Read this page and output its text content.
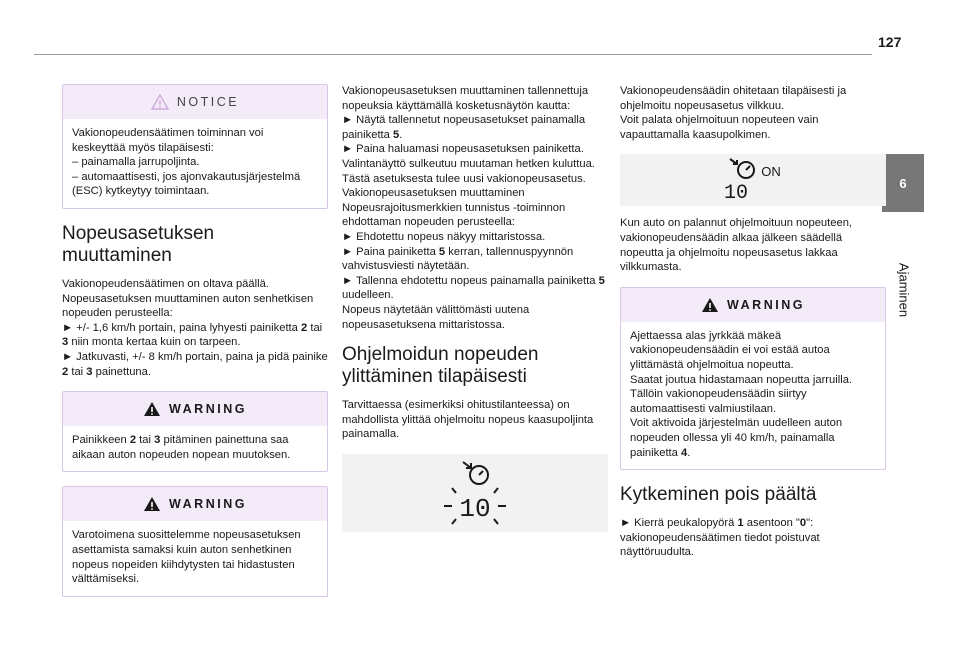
127
6
Ajaminen
NOTICE
Vakionopeudensäätimen toiminnan voi keskeyttää myös tilapäisesti:
– painamalla jarrupoljinta.
– automaattisesti, jos ajonvakautusjärjestelmä (ESC) kytkeytyy toimintaan.
Nopeusasetuksen muuttaminen

Vakionopeudensäätimen on oltava päällä.

Nopeusasetuksen muuttaminen auton senhetkisen nopeuden perusteella:

► +/- 1,6 km/h portain, paina lyhyesti painiketta 2 tai 3 niin monta kertaa kuin on tarpeen.

► Jatkuvasti, +/- 8 km/h portain, paina ja pidä painike 2 tai 3 painettuna.

WARNING
Painikkeen 2 tai 3 pitäminen painettuna saa aikaan auton nopeuden nopean muutoksen.
WARNING
Varotoimena suosittelemme nopeusasetuksen asettamista samaksi kuin auton senhetkinen nopeus nopeiden kiihdytysten tai hidastusten välttämiseksi.

Vakionopeusasetuksen muuttaminen tallennettuja nopeuksia käyttämällä kosketusnäytön kautta:

► Näytä tallennetut nopeusasetukset painamalla painiketta 5.

► Paina haluamasi nopeusasetuksen painiketta.

Valintanäyttö sulkeutuu muutaman hetken kuluttua.

Tästä asetuksesta tulee uusi vakionopeusasetus.

Vakionopeusasetuksen muuttaminen Nopeusrajoitusmerkkien tunnistus -toiminnon ehdottaman nopeuden perusteella:

► Ehdotettu nopeus näkyy mittaristossa.

► Paina painiketta 5 kerran, tallennuspyynnön vahvistusviesti näytetään.

► Tallenna ehdotettu nopeus painamalla painiketta 5 uudelleen.

Nopeus näytetään välittömästi uutena nopeusasetuksena mittaristossa.

Ohjelmoidun nopeuden ylittäminen tilapäisesti

Tarvittaessa (esimerkiksi ohitustilanteessa) on mahdollista ylittää ohjelmoitu nopeus kaasupoljinta painamalla.

10

Vakionopeudensäädin ohitetaan tilapäisesti ja ohjelmoitu nopeusasetus vilkkuu.
Voit palata ohjelmoituun nopeuteen vain vapauttamalla kaasupolkimen.

10
ON

Kun auto on palannut ohjelmoituun nopeuteen, vakionopeudensäädin alkaa jälkeen säädellä nopeutta ja ohjelmoitu nopeusasetus lakkaa vilkkumasta.

WARNING
Ajettaessa alas jyrkkää mäkeä vakionopeudensäädin ei voi estää autoa ylittämästä ohjelmoitua nopeutta.
Saatat joutua hidastamaan nopeutta jarruilla. Tällöin vakionopeudensäädin siirtyy automaattisesti valmiustilaan.
Voit aktivoida järjestelmän uudelleen auton nopeuden ollessa yli 40 km/h, painamalla painiketta 4.
Kytkeminen pois päältä

► Kierrä peukalopyörä 1 asentoon "0": vakionopeudensäätimen tiedot poistuvat näyttöruudulta.
